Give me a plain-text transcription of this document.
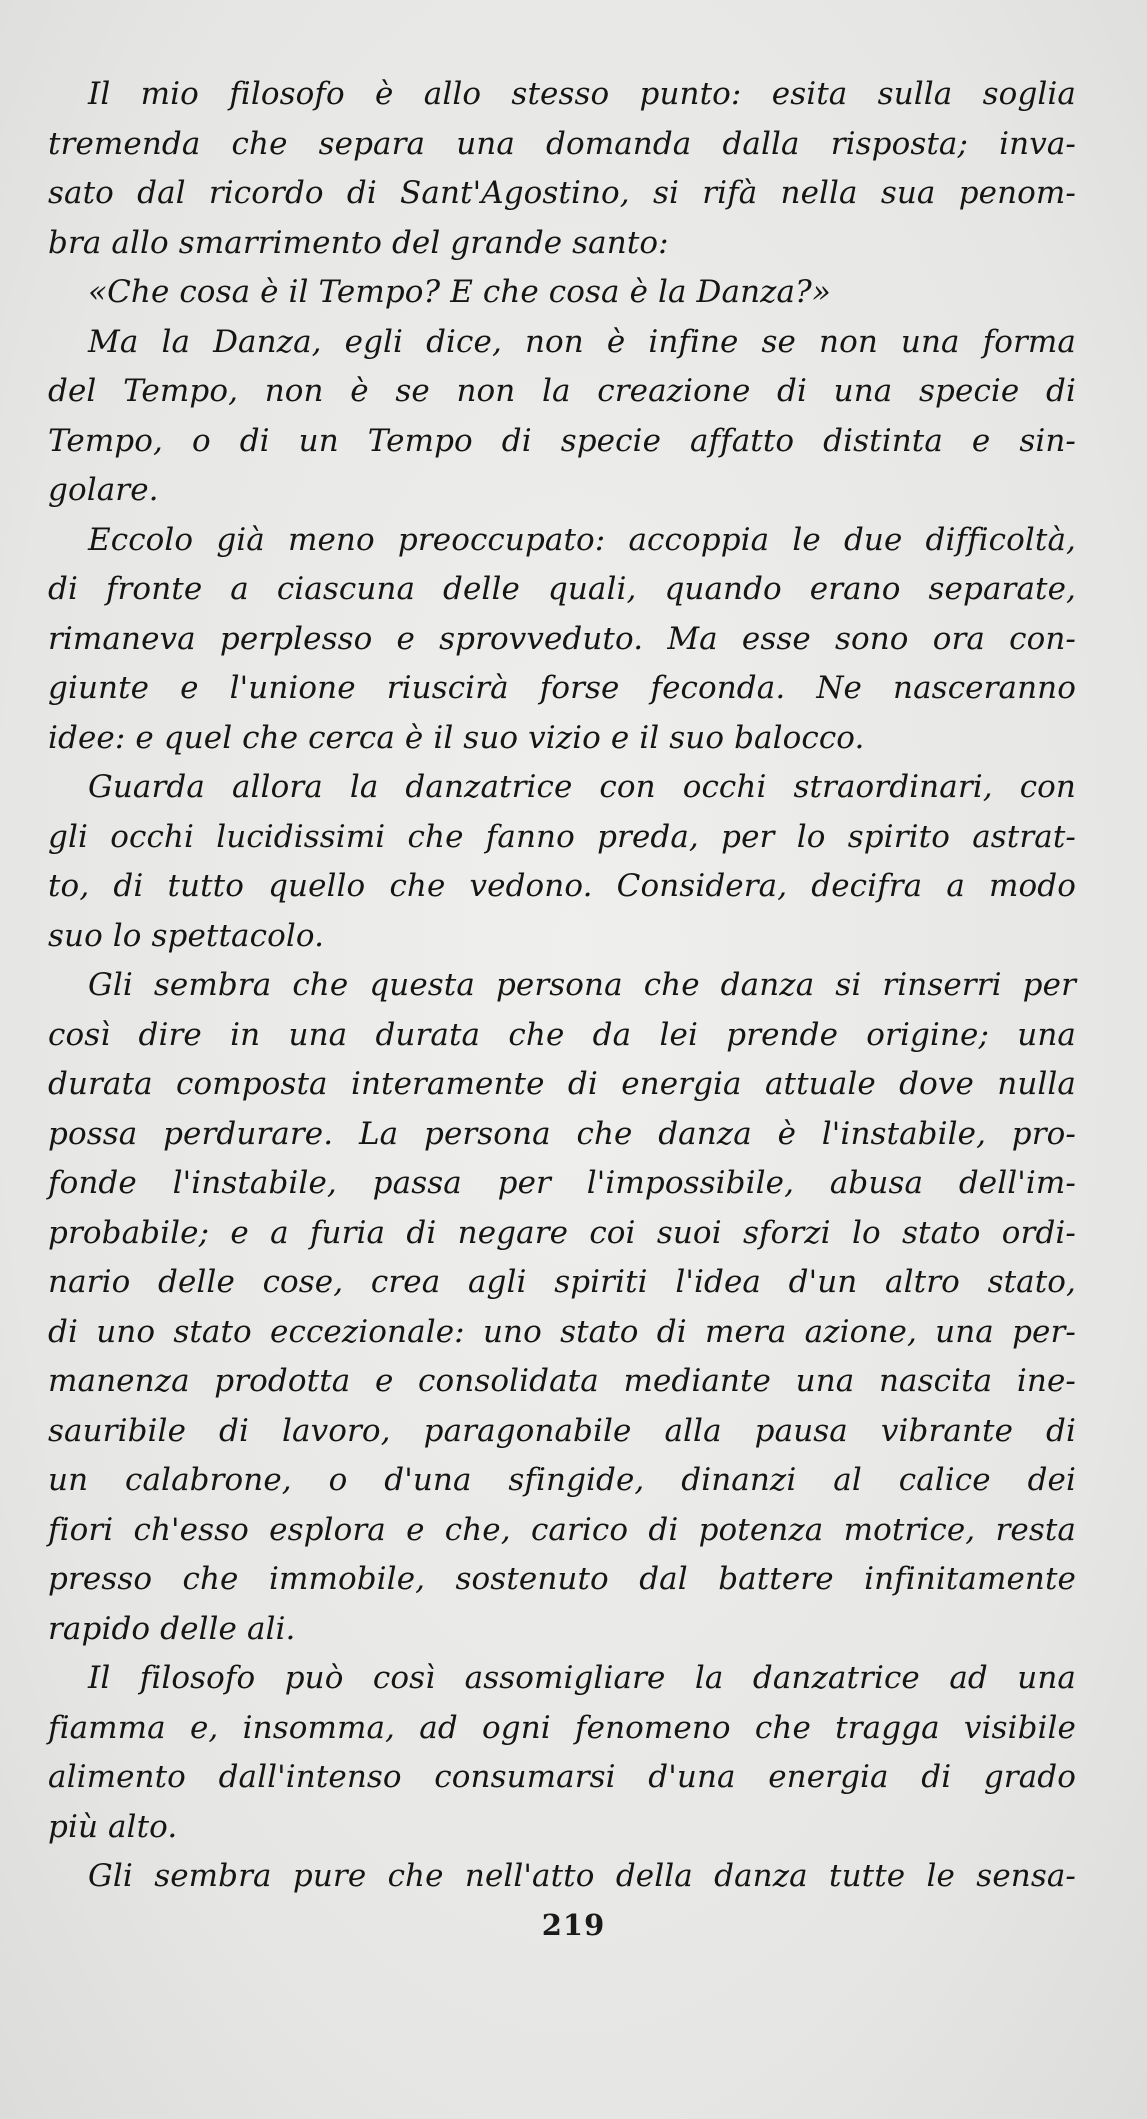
Il mio filosofo è allo stesso punto: esita sulla soglia
tremenda che separa una domanda dalla risposta; inva-
sato dal ricordo di Sant'Agostino, si rifà nella sua penom-
bra allo smarrimento del grande santo:
«Che cosa è il Tempo? E che cosa è la Danza?»
Ma la Danza, egli dice, non è infine se non una forma
del Tempo, non è se non la creazione di una specie di
Tempo, o di un Tempo di specie affatto distinta e sin-
golare.
Eccolo già meno preoccupato: accoppia le due difficoltà,
di fronte a ciascuna delle quali, quando erano separate,
rimaneva perplesso e sprovveduto. Ma esse sono ora con-
giunte e l'unione riuscirà forse feconda. Ne nasceranno
idee: e quel che cerca è il suo vizio e il suo balocco.
Guarda allora la danzatrice con occhi straordinari, con
gli occhi lucidissimi che fanno preda, per lo spirito astrat-
to, di tutto quello che vedono. Considera, decifra a modo
suo lo spettacolo.
Gli sembra che questa persona che danza si rinserri per
così dire in una durata che da lei prende origine; una
durata composta interamente di energia attuale dove nulla
possa perdurare. La persona che danza è l'instabile, pro-
fonde l'instabile, passa per l'impossibile, abusa dell'im-
probabile; e a furia di negare coi suoi sforzi lo stato ordi-
nario delle cose, crea agli spiriti l'idea d'un altro stato,
di uno stato eccezionale: uno stato di mera azione, una per-
manenza prodotta e consolidata mediante una nascita ine-
sauribile di lavoro, paragonabile alla pausa vibrante di
un calabrone, o d'una sfingide, dinanzi al calice dei
fiori ch'esso esplora e che, carico di potenza motrice, resta
presso che immobile, sostenuto dal battere infinitamente
rapido delle ali.
Il filosofo può così assomigliare la danzatrice ad una
fiamma e, insomma, ad ogni fenomeno che tragga visibile
alimento dall'intenso consumarsi d'una energia di grado
più alto.
Gli sembra pure che nell'atto della danza tutte le sensa-
219
